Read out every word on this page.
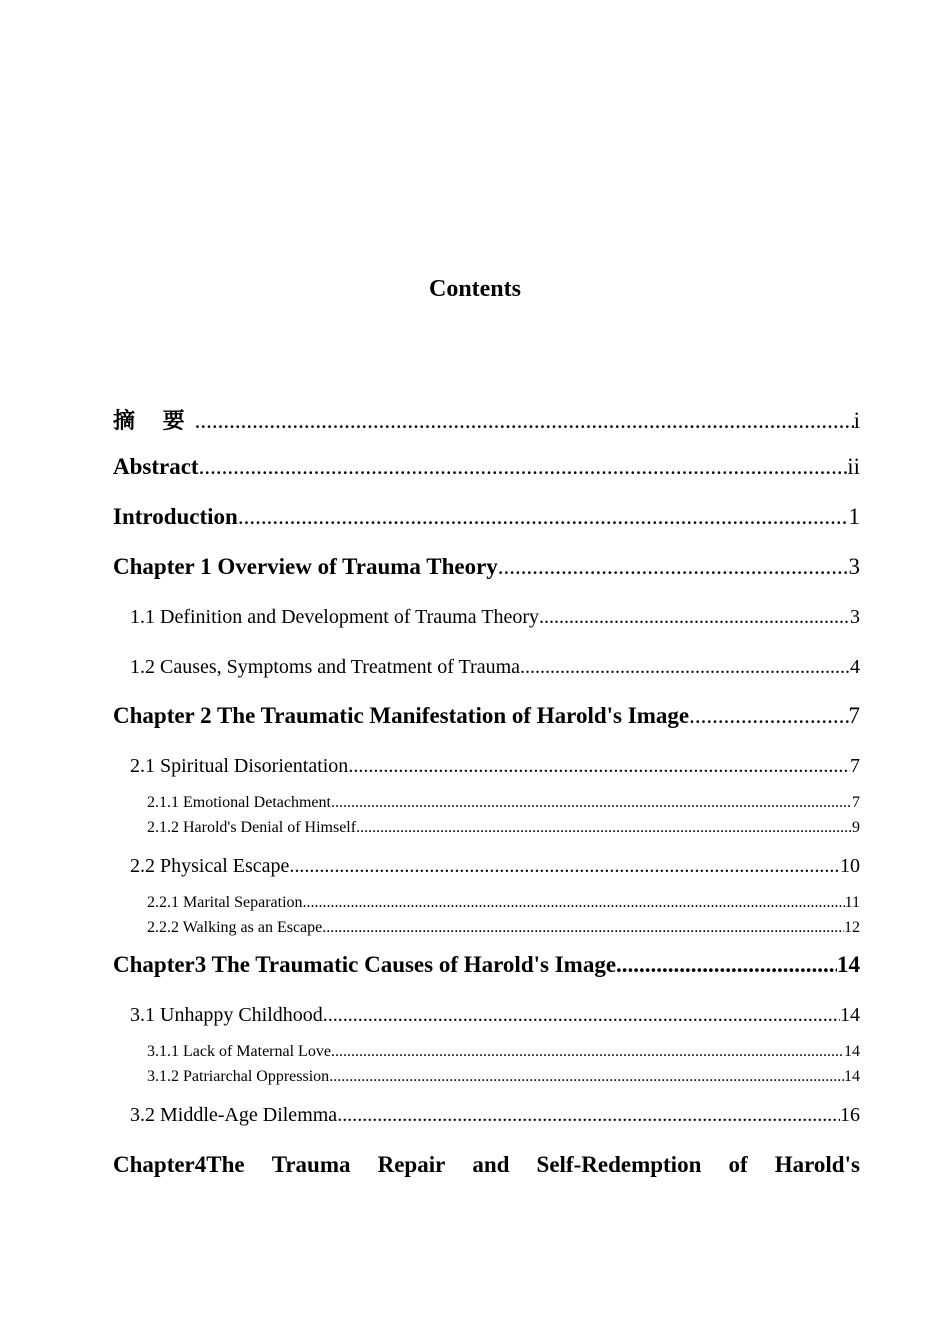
Contents
摘 要 .....	i
Abstract .....	ii
Introduction .....	1
Chapter 1 Overview of Trauma Theory .....	3
1.1 Definition and Development of Trauma Theory .....	3
1.2 Causes, Symptoms and Treatment of Trauma .....	4
Chapter 2 The Traumatic Manifestation of Harold's Image .....	7
2.1 Spiritual Disorientation .....	7
2.1.1 Emotional Detachment .....	7
2.1.2 Harold's Denial of Himself .....	9
2.2 Physical Escape .....	10
2.2.1 Marital Separation .....	11
2.2.2 Walking as an Escape .....	12
Chapter3 The Traumatic Causes of Harold's Image .....	14
3.1 Unhappy Childhood .....	14
3.1.1 Lack of Maternal Love .....	14
3.1.2 Patriarchal Oppression .....	14
3.2 Middle-Age Dilemma .....	16
Chapter4The Trauma Repair and Self-Redemption of Harold's
